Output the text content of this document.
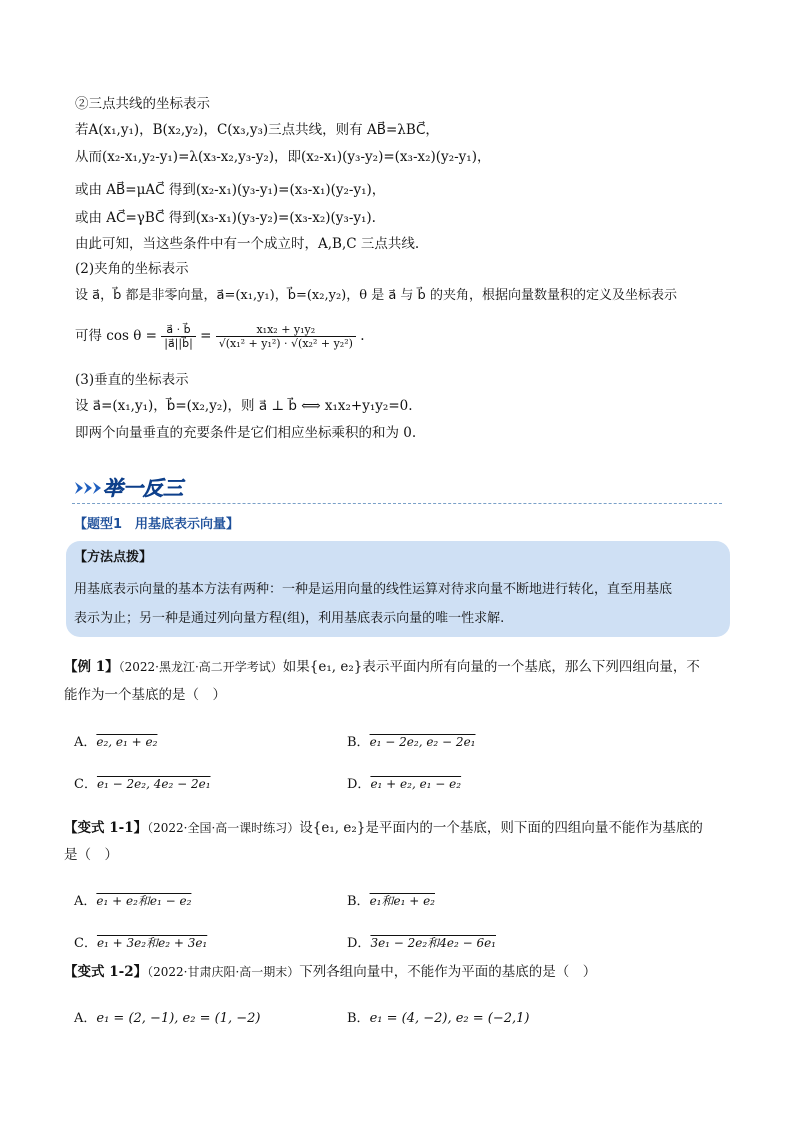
②三点共线的坐标表示
若A(x₁,y₁)，B(x₂,y₂)，C(x₃,y₃)三点共线，则有 AB⃗=λBC⃗，
从而(x₂-x₁,y₂-y₁)=λ(x₃-x₂,y₃-y₂)，即(x₂-x₁)(y₃-y₂)=(x₃-x₂)(y₂-y₁)，
或由 AB⃗=μAC⃗ 得到(x₂-x₁)(y₃-y₁)=(x₃-x₁)(y₂-y₁)，
或由 AC⃗=γBC⃗ 得到(x₃-x₁)(y₃-y₂)=(x₃-x₂)(y₃-y₁).
由此可知，当这些条件中有一个成立时，A,B,C 三点共线.
(2)夹角的坐标表示
设 a⃗，b⃗ 都是非零向量，a⃗=(x₁,y₁)，b⃗=(x₂,y₂)，θ 是 a⃗ 与 b⃗ 的夹角，根据向量数量积的定义及坐标表示
可得 $\cos \theta = \frac{a⃗ \cdot b⃗}{|a⃗||b⃗|} = \frac{\text{x₁x₂ + y₁y₂}}{\text{√(x₁² + y₁²) · √(x₂² + y₂²)}}$ .
(3)垂直的坐标表示
设 a⃗=(x₁,y₁)，b⃗=(x₂,y₂)，则 a⃗ ⊥ b⃗ ⟺ x₁x₂+y₁y₂=0.
即两个向量垂直的充要条件是它们相应坐标乘积的和为 0.
举一反三
【题型1　用基底表示向量】
【方法点拨】
用基底表示向量的基本方法有两种：一种是运用向量的线性运算对待求向量不断地进行转化，直至用基底
表示为止；另一种是通过列向量方程(组)，利用基底表示向量的唯一性求解.
【例 1】（2022·黑龙江·高二开学考试）如果{e₁, e₂}表示平面内所有向量的一个基底，那么下列四组向量，不
能作为一个基底的是（　）
A．e₂, e₁ + e₂	B．e₁ − 2e₂, e₂ − 2e₁
C．e₁ − 2e₂, 4e₂ − 2e₁	D．e₁ + e₂, e₁ − e₂
【变式 1-1】（2022·全国·高一课时练习）设{e₁, e₂}是平面内的一个基底，则下面的四组向量不能作为基底的
是（　）
A．e₁ + e₂和e₁ − e₂	B．e₁和e₁ + e₂
C．e₁ + 3e₂和e₂ + 3e₁	D．3e₁ − 2e₂和4e₂ − 6e₁
【变式 1-2】（2022·甘肃庆阳·高一期末）下列各组向量中，不能作为平面的基底的是（　）
A．e₁ = (2, −1), e₂ = (1, −2)	B．e₁ = (4, −2), e₂ = (−2,1)
